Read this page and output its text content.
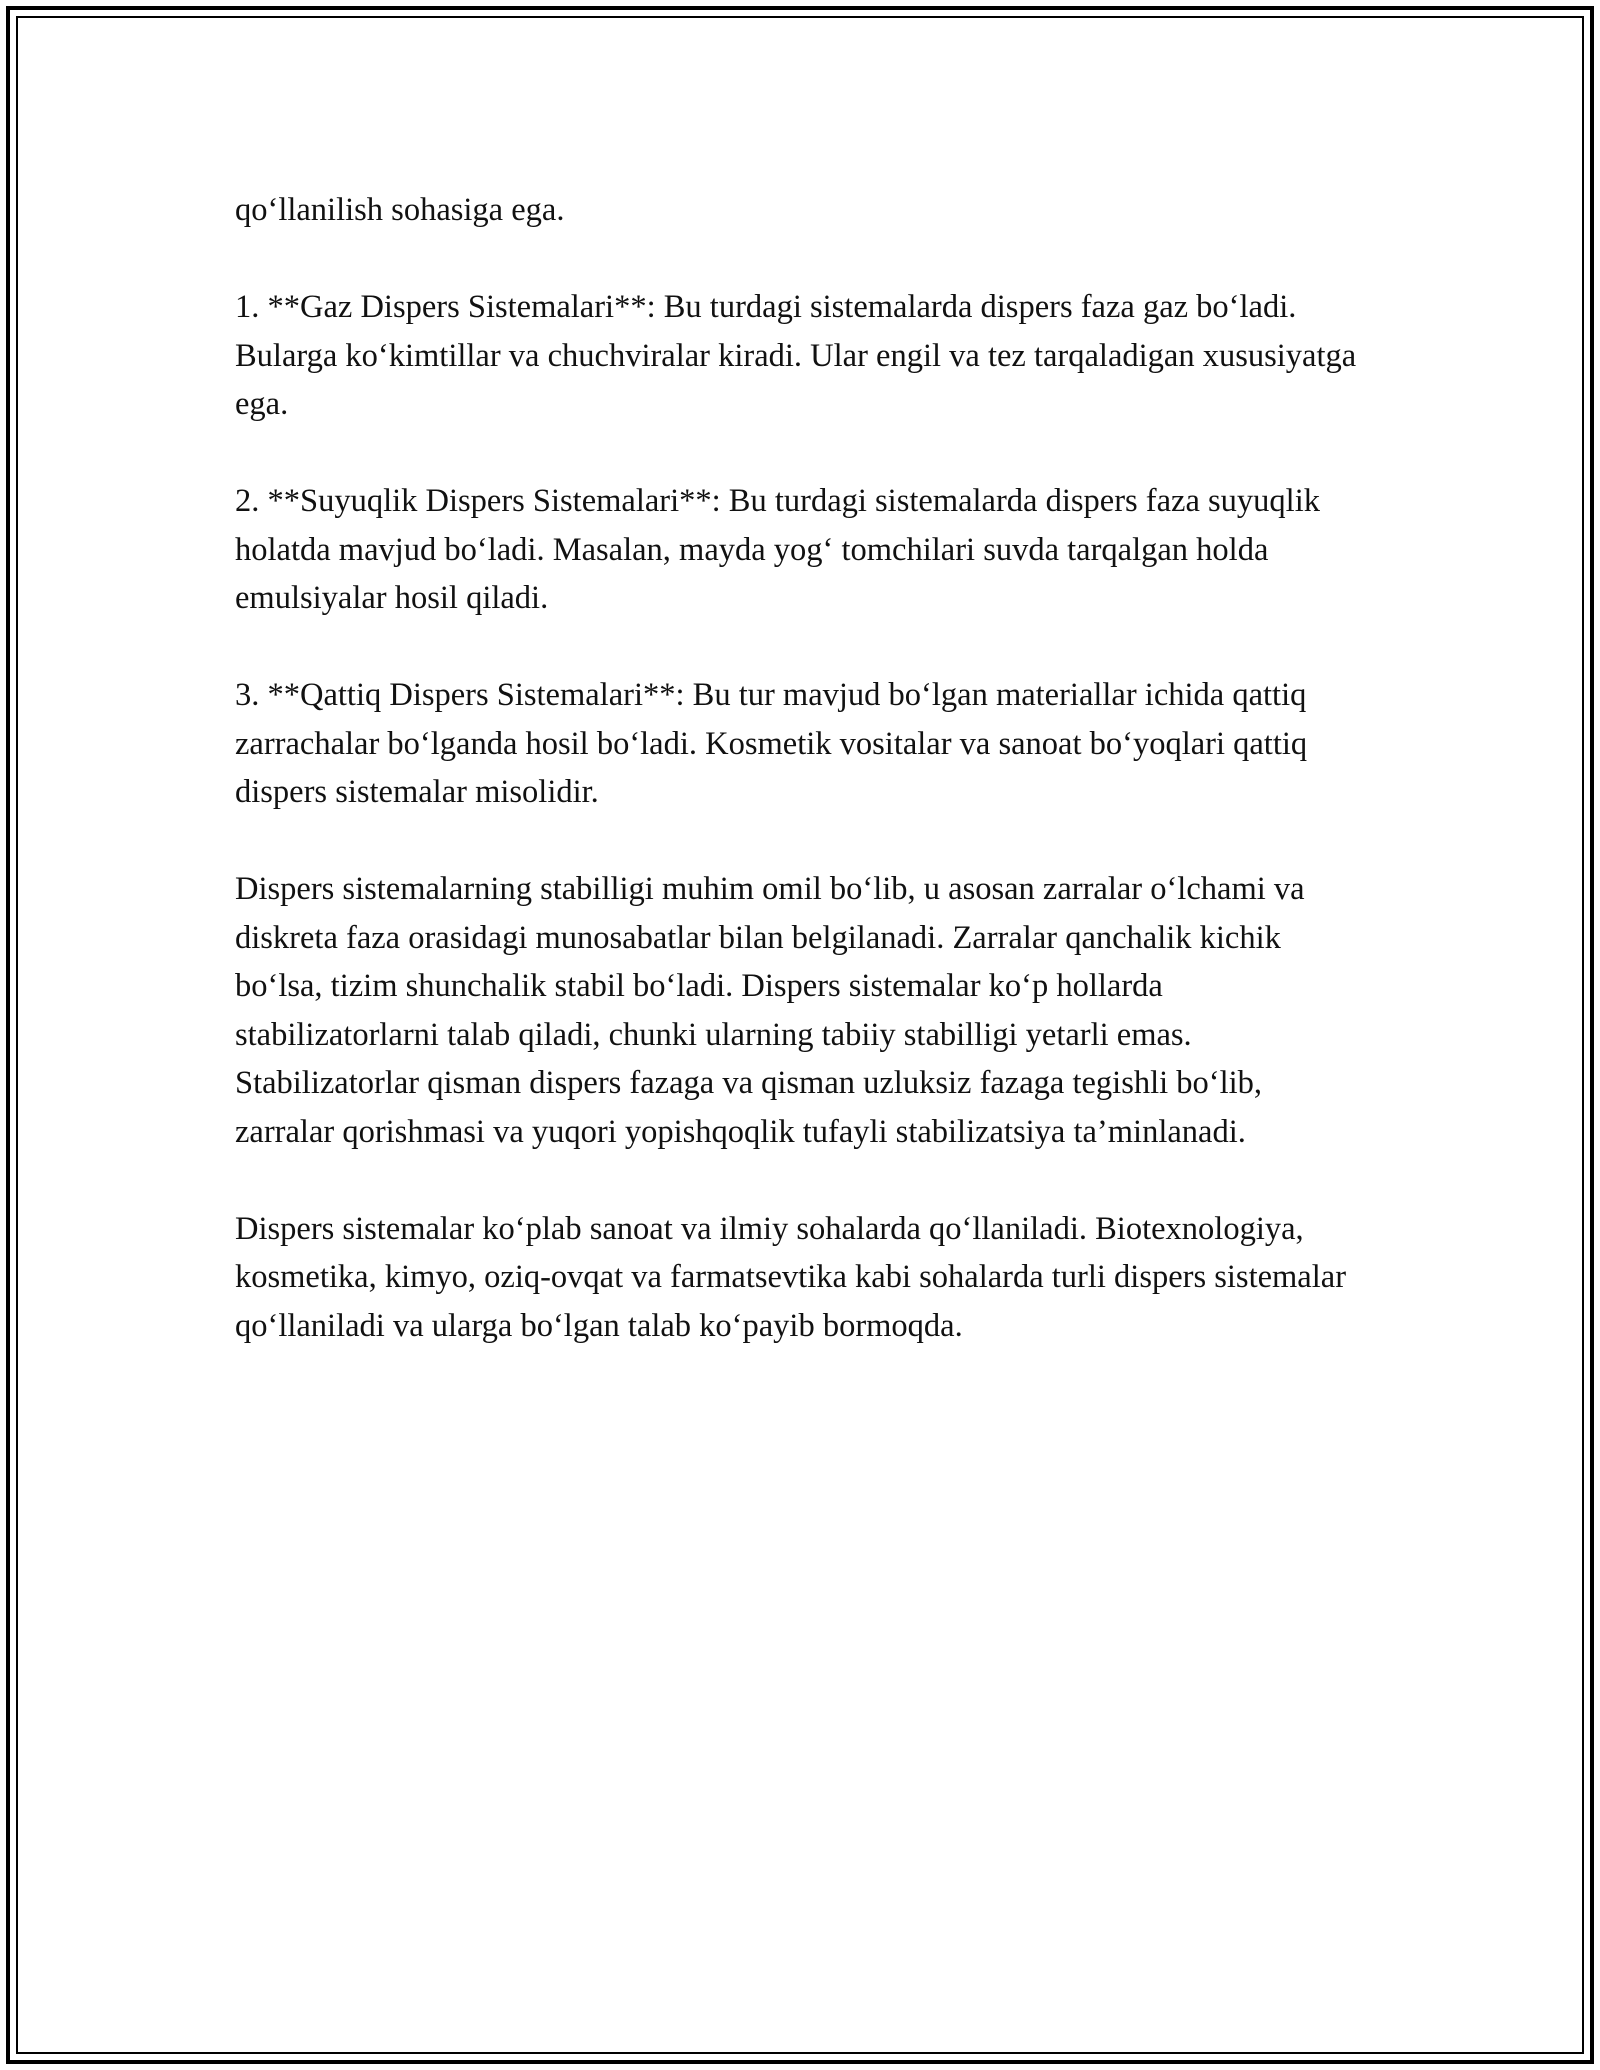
qo‘llanilish sohasiga ega.

1. **Gaz Dispers Sistemalari**: Bu turdagi sistemalarda dispers faza gaz bo‘ladi. Bularga ko‘kimtillar va chuchviralar kiradi. Ular engil va tez tarqaladigan xususiyatga ega.

2. **Suyuqlik Dispers Sistemalari**: Bu turdagi sistemalarda dispers faza suyuqlik holatda mavjud bo‘ladi. Masalan, mayda yog‘ tomchilari suvda tarqalgan holda emulsiyalar hosil qiladi.

3. **Qattiq Dispers Sistemalari**: Bu tur mavjud bo‘lgan materiallar ichida qattiq zarrachalar bo‘lganda hosil bo‘ladi. Kosmetik vositalar va sanoat bo‘yoqlari qattiq dispers sistemalar misolidir.

Dispers sistemalarning stabilligi muhim omil bo‘lib, u asosan zarralar o‘lchami va diskreta faza orasidagi munosabatlar bilan belgilanadi. Zarralar qanchalik kichik bo‘lsa, tizim shunchalik stabil bo‘ladi. Dispers sistemalar ko‘p hollarda stabilizatorlarni talab qiladi, chunki ularning tabiiy stabilligi yetarli emas. Stabilizatorlar qisman dispers fazaga va qisman uzluksiz fazaga tegishli bo‘lib, zarralar qorishmasi va yuqori yopishqoqlik tufayli stabilizatsiya ta’minlanadi.

Dispers sistemalar ko‘plab sanoat va ilmiy sohalarda qo‘llaniladi. Biotexnologiya, kosmetika, kimyo, oziq-ovqat va farmatsevtika kabi sohalarda turli dispers sistemalar qo‘llaniladi va ularga bo‘lgan talab ko‘payib bormoqda.
